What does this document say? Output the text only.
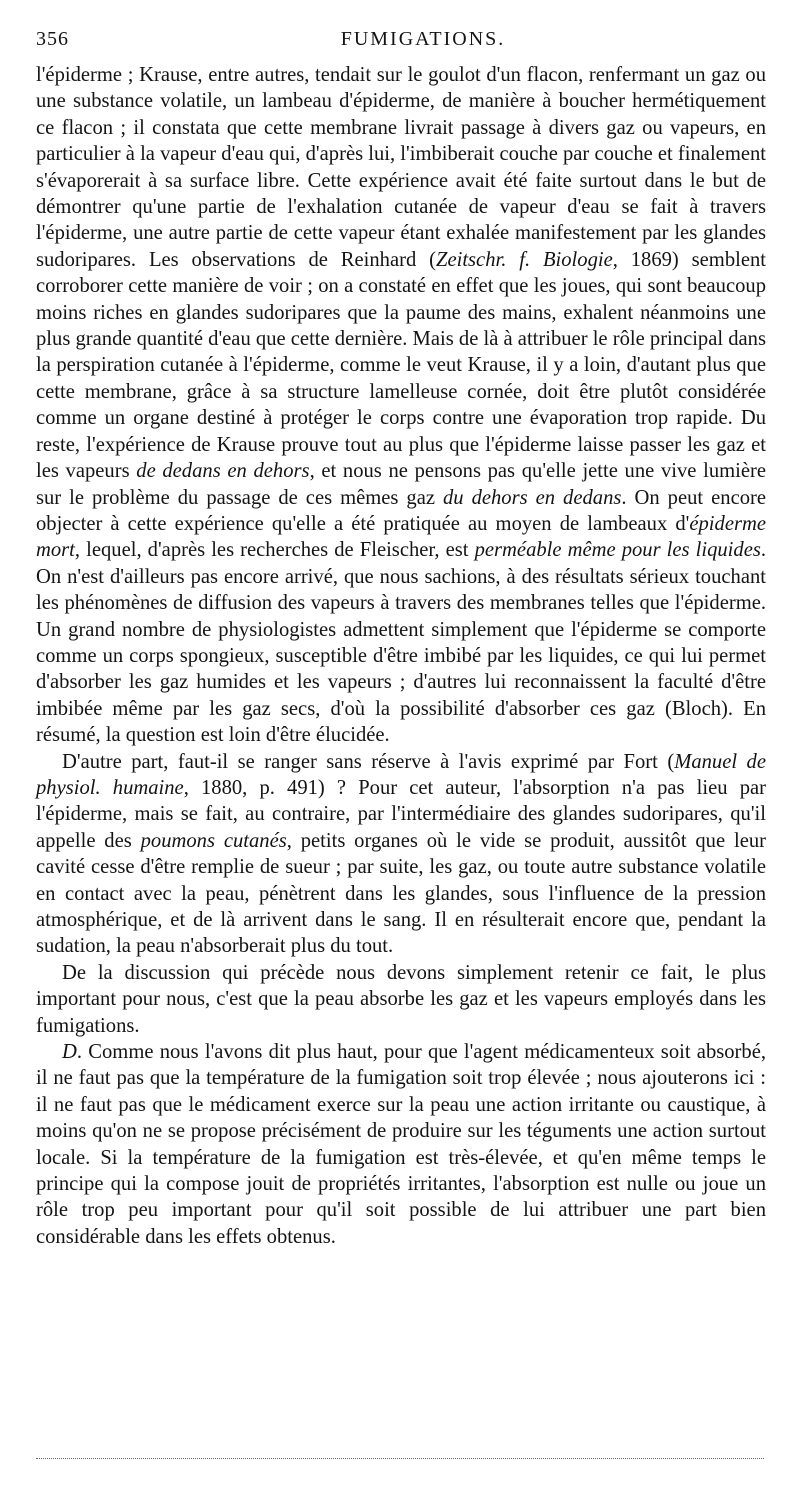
356	FUMIGATIONS.

l'épiderme ; Krause, entre autres, tendait sur le goulot d'un flacon, renfermant un gaz ou une substance volatile, un lambeau d'épiderme, de manière à boucher hermétiquement ce flacon ; il constata que cette membrane livrait passage à divers gaz ou vapeurs, en particulier à la vapeur d'eau qui, d'après lui, l'imbiberait couche par couche et finalement s'évaporerait à sa surface libre. Cette expérience avait été faite surtout dans le but de démontrer qu'une partie de l'exhalation cutanée de vapeur d'eau se fait à travers l'épiderme, une autre partie de cette vapeur étant exhalée manifestement par les glandes sudoripares. Les observations de Reinhard (Zeitschr. f. Biologie, 1869) semblent corroborer cette manière de voir ; on a constaté en effet que les joues, qui sont beaucoup moins riches en glandes sudoripares que la paume des mains, exhalent néanmoins une plus grande quantité d'eau que cette dernière. Mais de là à attribuer le rôle principal dans la perspiration cutanée à l'épiderme, comme le veut Krause, il y a loin, d'autant plus que cette membrane, grâce à sa structure lamelleuse cornée, doit être plutôt considérée comme un organe destiné à protéger le corps contre une évaporation trop rapide. Du reste, l'expérience de Krause prouve tout au plus que l'épiderme laisse passer les gaz et les vapeurs de dedans en dehors, et nous ne pensons pas qu'elle jette une vive lumière sur le problème du passage de ces mêmes gaz du dehors en dedans. On peut encore objecter à cette expérience qu'elle a été pratiquée au moyen de lambeaux d'épiderme mort, lequel, d'après les recherches de Fleischer, est perméable même pour les liquides. On n'est d'ailleurs pas encore arrivé, que nous sachions, à des résultats sérieux touchant les phénomènes de diffusion des vapeurs à travers des membranes telles que l'épiderme. Un grand nombre de physiologistes admettent simplement que l'épiderme se comporte comme un corps spongieux, susceptible d'être imbibé par les liquides, ce qui lui permet d'absorber les gaz humides et les vapeurs ; d'autres lui reconnaissent la faculté d'être imbibée même par les gaz secs, d'où la possibilité d'absorber ces gaz (Bloch). En résumé, la question est loin d'être élucidée.

D'autre part, faut-il se ranger sans réserve à l'avis exprimé par Fort (Manuel de physiol. humaine, 1880, p. 491) ? Pour cet auteur, l'absorption n'a pas lieu par l'épiderme, mais se fait, au contraire, par l'intermédiaire des glandes sudoripares, qu'il appelle des poumons cutanés, petits organes où le vide se produit, aussitôt que leur cavité cesse d'être remplie de sueur ; par suite, les gaz, ou toute autre substance volatile en contact avec la peau, pénètrent dans les glandes, sous l'influence de la pression atmosphérique, et de là arrivent dans le sang. Il en résulterait encore que, pendant la sudation, la peau n'absorberait plus du tout.

De la discussion qui précède nous devons simplement retenir ce fait, le plus important pour nous, c'est que la peau absorbe les gaz et les vapeurs employés dans les fumigations.

D. Comme nous l'avons dit plus haut, pour que l'agent médicamenteux soit absorbé, il ne faut pas que la température de la fumigation soit trop élevée ; nous ajouterons ici : il ne faut pas que le médicament exerce sur la peau une action irritante ou caustique, à moins qu'on ne se propose précisément de produire sur les téguments une action surtout locale. Si la température de la fumigation est très-élevée, et qu'en même temps le principe qui la compose jouit de propriétés irritantes, l'absorption est nulle ou joue un rôle trop peu important pour qu'il soit possible de lui attribuer une part bien considérable dans les effets obtenus.
